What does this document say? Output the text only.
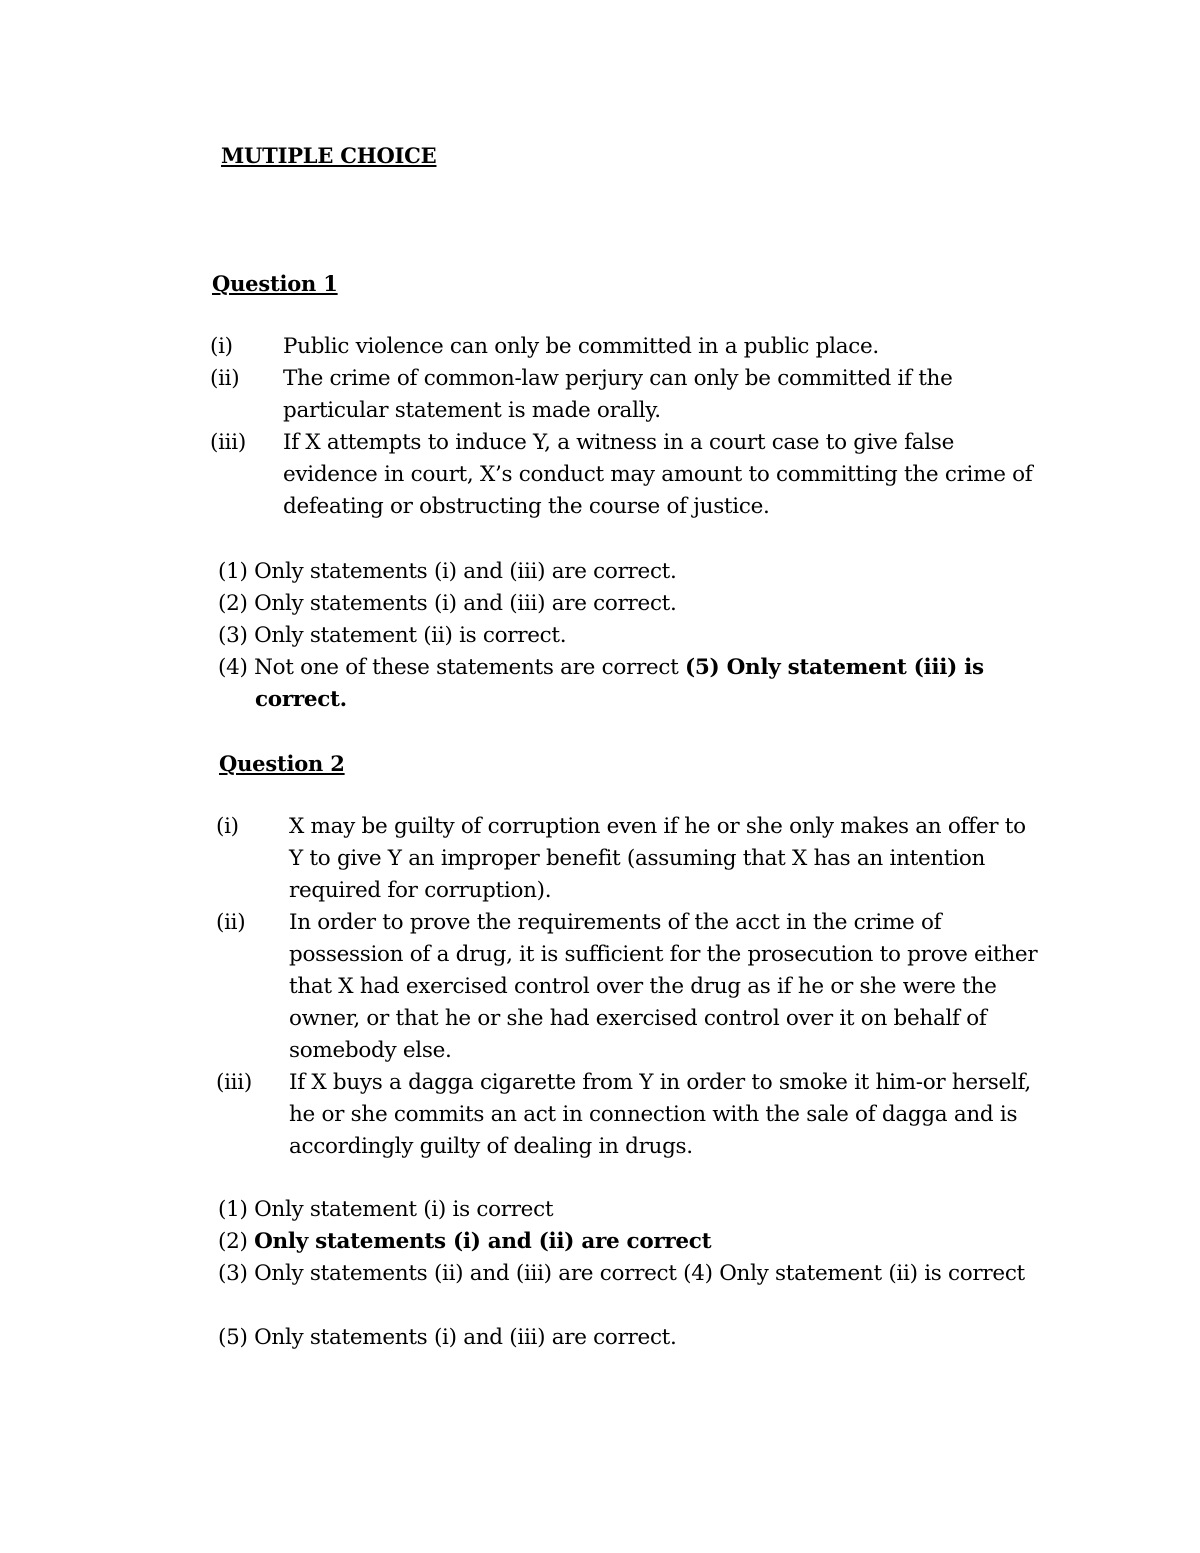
MUTIPLE CHOICE
Question 1
(i) Public violence can only be committed in a public place.
(ii) The crime of common-law perjury can only be committed if the particular statement is made orally.
(iii) If X attempts to induce Y, a witness in a court case to give false evidence in court, X’s conduct may amount to committing the crime of defeating or obstructing the course of justice.
(1) Only statements (i) and (iii) are correct.
(2) Only statements (i) and (iii) are correct.
(3) Only statement (ii) is correct.
(4) Not one of these statements are correct (5) Only statement (iii) is correct.
Question 2
(i) X may be guilty of corruption even if he or she only makes an offer to Y to give Y an improper benefit (assuming that X has an intention required for corruption).
(ii) In order to prove the requirements of the acct in the crime of possession of a drug, it is sufficient for the prosecution to prove either that X had exercised control over the drug as if he or she were the owner, or that he or she had exercised control over it on behalf of somebody else.
(iii) If X buys a dagga cigarette from Y in order to smoke it him-or herself, he or she commits an act in connection with the sale of dagga and is accordingly guilty of dealing in drugs.
(1) Only statement (i) is correct
(2) Only statements (i) and (ii) are correct
(3) Only statements (ii) and (iii) are correct (4) Only statement (ii) is correct
(5) Only statements (i) and (iii) are correct.
